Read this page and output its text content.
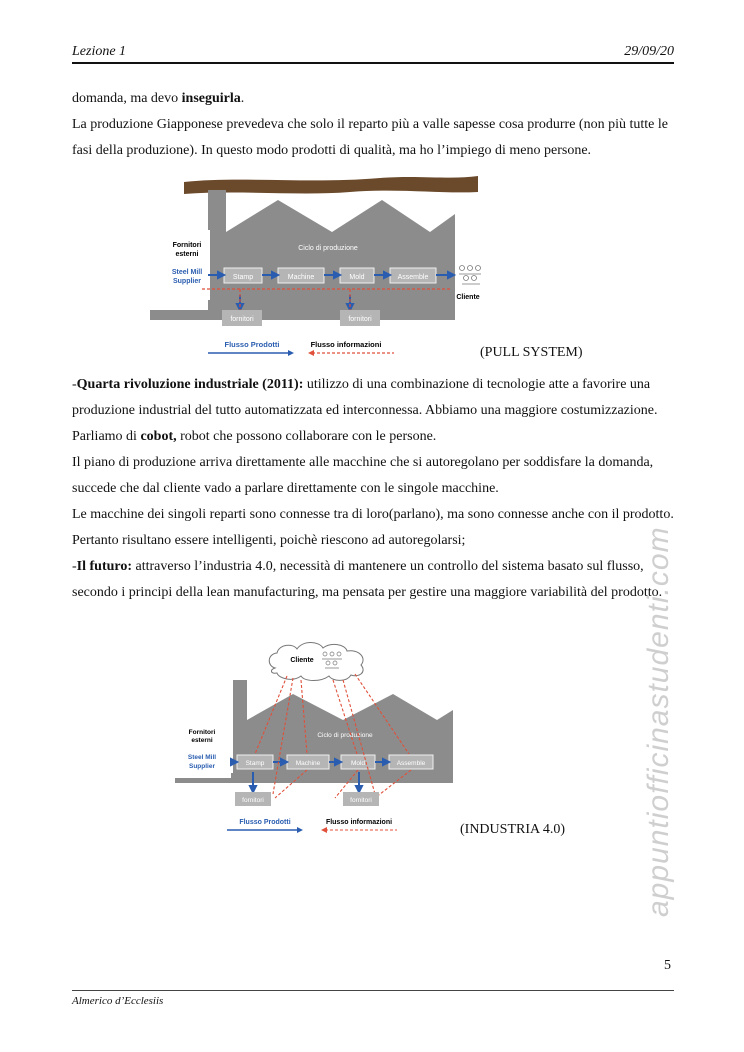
Lezione 1	29/09/20

domanda, ma devo inseguirla.

La produzione Giapponese prevedeva che solo il reparto più a valle sapesse cosa produrre (non più tutte le fasi della produzione). In questo modo prodotti di qualità, ma ho l’impiego di meno persone.

Fornitori
esterni
Steel Mill
Supplier
Ciclo di produzione
Stamp	Machine	Mold	Assemble
Cliente
fornitori	fornitori
Flusso Prodotti	Flusso informazioni
(PULL SYSTEM)

-Quarta rivoluzione industriale (2011): utilizzo di una combinazione di tecnologie atte a favorire una produzione industrial del tutto automatizzata ed interconnessa. Abbiamo una maggiore costumizzazione. Parliamo di cobot, robot che possono collaborare con le persone.

Il piano di produzione arriva direttamente alle macchine che si autoregolano per soddisfare la domanda, succede che dal cliente vado a parlare direttamente con le singole macchine.

Le macchine dei singoli reparti sono connesse tra di loro(parlano), ma sono connesse anche con il prodotto. Pertanto risultano essere intelligenti, poichè riescono ad autoregolarsi;

-Il futuro: attraverso l’industria 4.0, necessità di mantenere un controllo del sistema basato sul flusso, secondo i principi della lean manufacturing, ma pensata per gestire una maggiore variabilità del prodotto.

Fornitori
esterni
Steel Mill
Supplier
Ciclo di produzione
Cliente
Stamp	Machine	Mold	Assemble
fornitori	fornitori
Flusso Prodotti	Flusso informazioni	(INDUSTRIA 4.0)	appuntiofficinastudenti.com
5
Almerico d’Ecclesiis
